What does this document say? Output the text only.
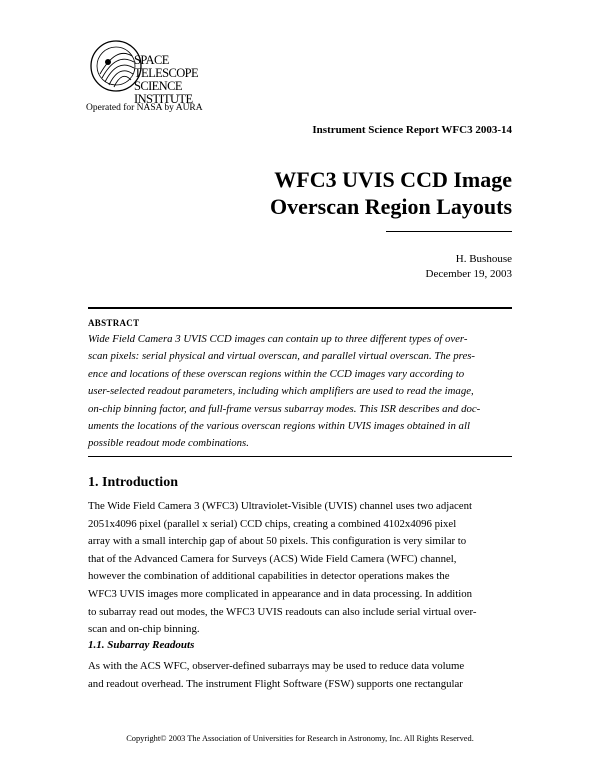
SPACE
TELESCOPE
SCIENCE
INSTITUTE
Operated for NASA by AURA
Instrument Science Report WFC3 2003-14
WFC3 UVIS CCD Image
Overscan Region Layouts
H. Bushouse
December 19, 2003
ABSTRACT
Wide Field Camera 3 UVIS CCD images can contain up to three different types of over-
scan pixels: serial physical and virtual overscan, and parallel virtual overscan. The pres-
ence and locations of these overscan regions within the CCD images vary according to
user-selected readout parameters, including which amplifiers are used to read the image,
on-chip binning factor, and full-frame versus subarray modes. This ISR describes and doc-
uments the locations of the various overscan regions within UVIS images obtained in all
possible readout mode combinations.
1. Introduction
The Wide Field Camera 3 (WFC3) Ultraviolet-Visible (UVIS) channel uses two adjacent
2051x4096 pixel (parallel x serial) CCD chips, creating a combined 4102x4096 pixel
array with a small interchip gap of about 50 pixels. This configuration is very similar to
that of the Advanced Camera for Surveys (ACS) Wide Field Camera (WFC) channel,
however the combination of additional capabilities in detector operations makes the
WFC3 UVIS images more complicated in appearance and in data processing. In addition
to subarray read out modes, the WFC3 UVIS readouts can also include serial virtual over-
scan and on-chip binning.
1.1. Subarray Readouts
As with the ACS WFC, observer-defined subarrays may be used to reduce data volume
and readout overhead. The instrument Flight Software (FSW) supports one rectangular
Copyright© 2003 The Association of Universities for Research in Astronomy, Inc. All Rights Reserved.
